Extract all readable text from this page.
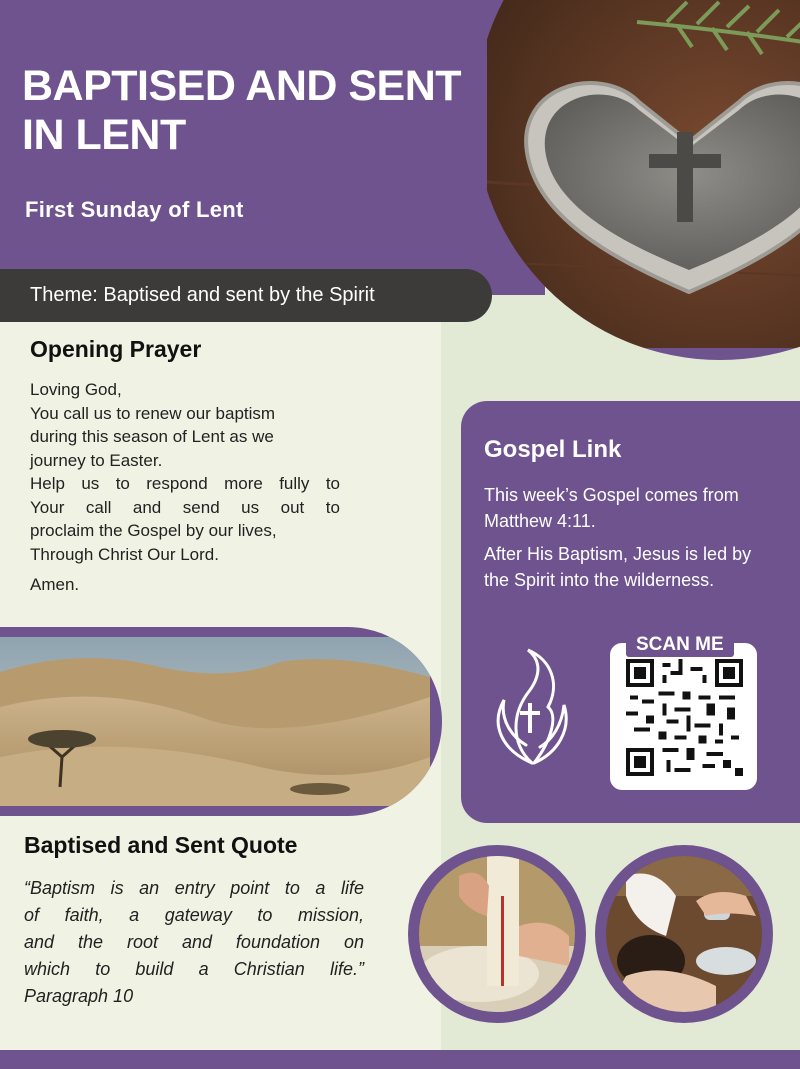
BAPTISED AND SENT
IN LENT
First Sunday of Lent
Theme: Baptised and sent by the Spirit
Opening Prayer
Loving God,
You call us to renew our baptism
during this season of Lent as we
journey to Easter.
Help us to respond more fully to
Your call and send us out to
proclaim the Gospel by our lives,
Through Christ Our Lord.
Amen.
Gospel Link

This week’s Gospel comes from Matthew 4:11.

After His Baptism, Jesus is led by the Spirit into the wilderness.

SCAN ME
Baptised and Sent Quote
“Baptism is an entry point to a life
of faith, a gateway to mission,
and the root and foundation on
which to build a Christian life.”
Paragraph 10
